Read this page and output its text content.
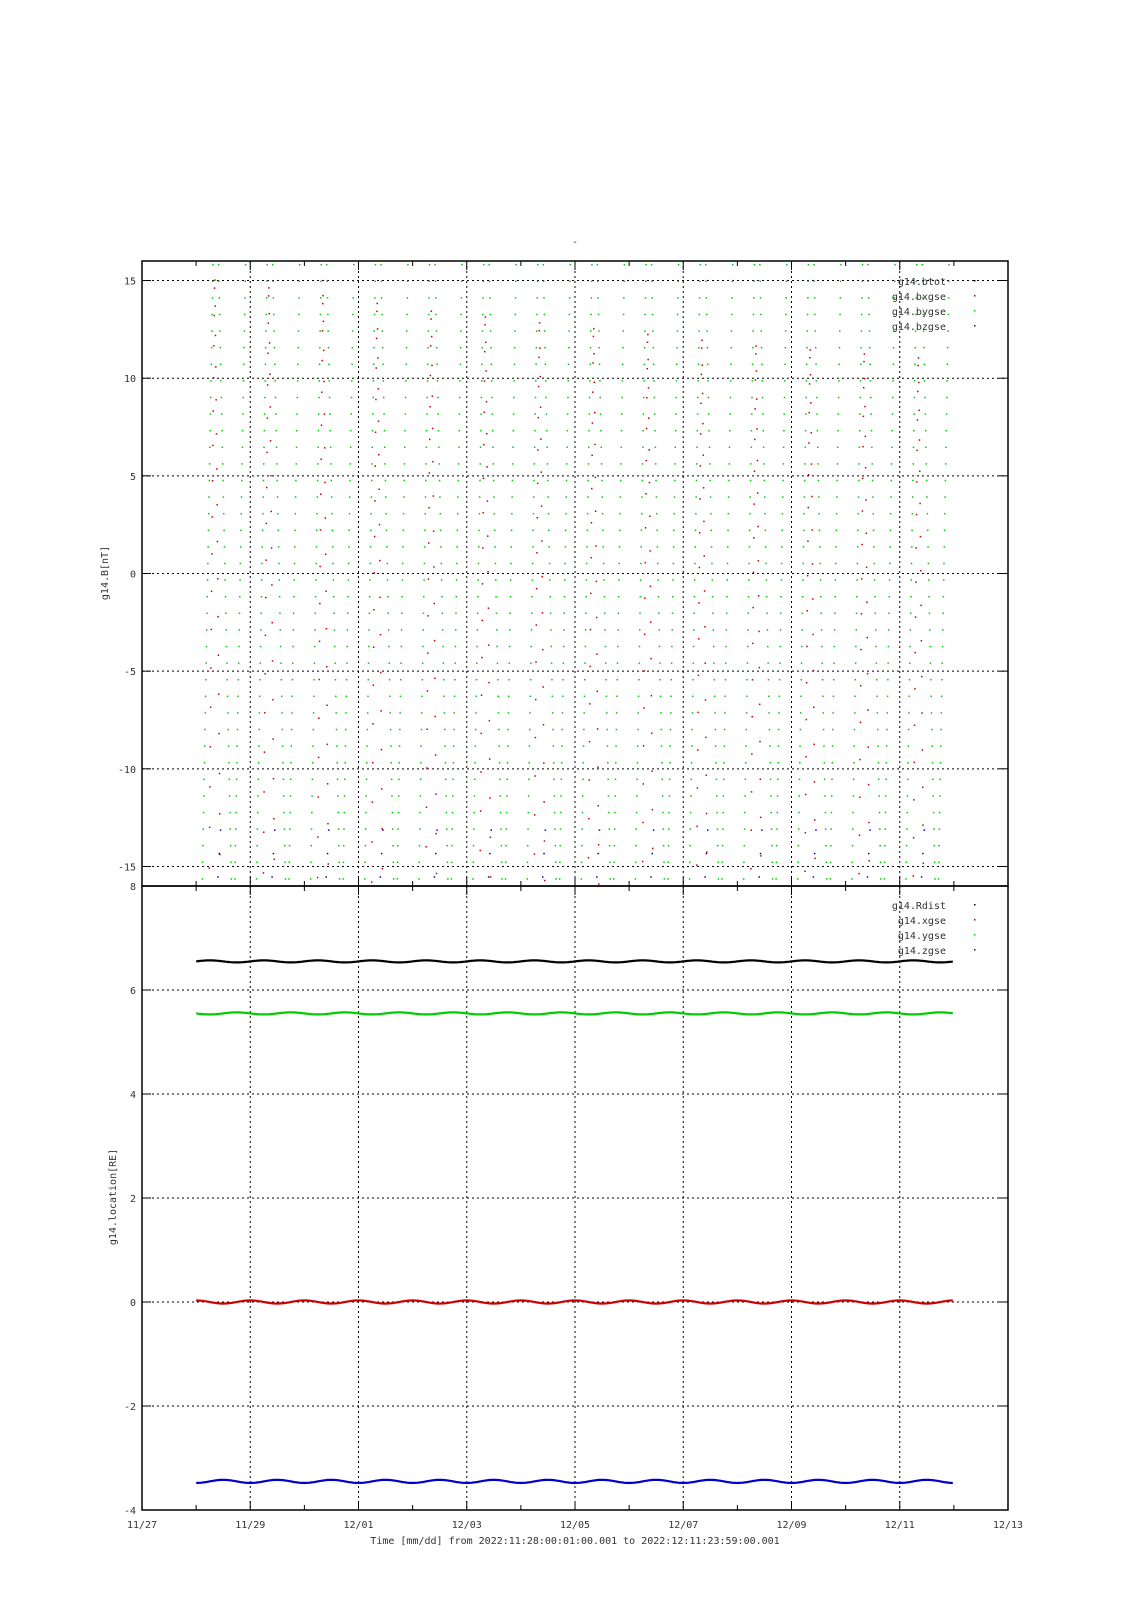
-
-15
-10
-5
0
5
10
15
g14.B[nT]
g14.btot
g14.bxgse
g14.bygse
g14.bzgse
-4
-2
0
2
4
6
8
11/27	11/29	12/01	12/03	12/05	12/07	12/09	12/11	12/13
g14.location[RE]
Time [mm/dd] from 2022:11:28:00:01:00.001 to 2022:12:11:23:59:00.001
g14.Rdist
g14.xgse
g14.ygse
g14.zgse
